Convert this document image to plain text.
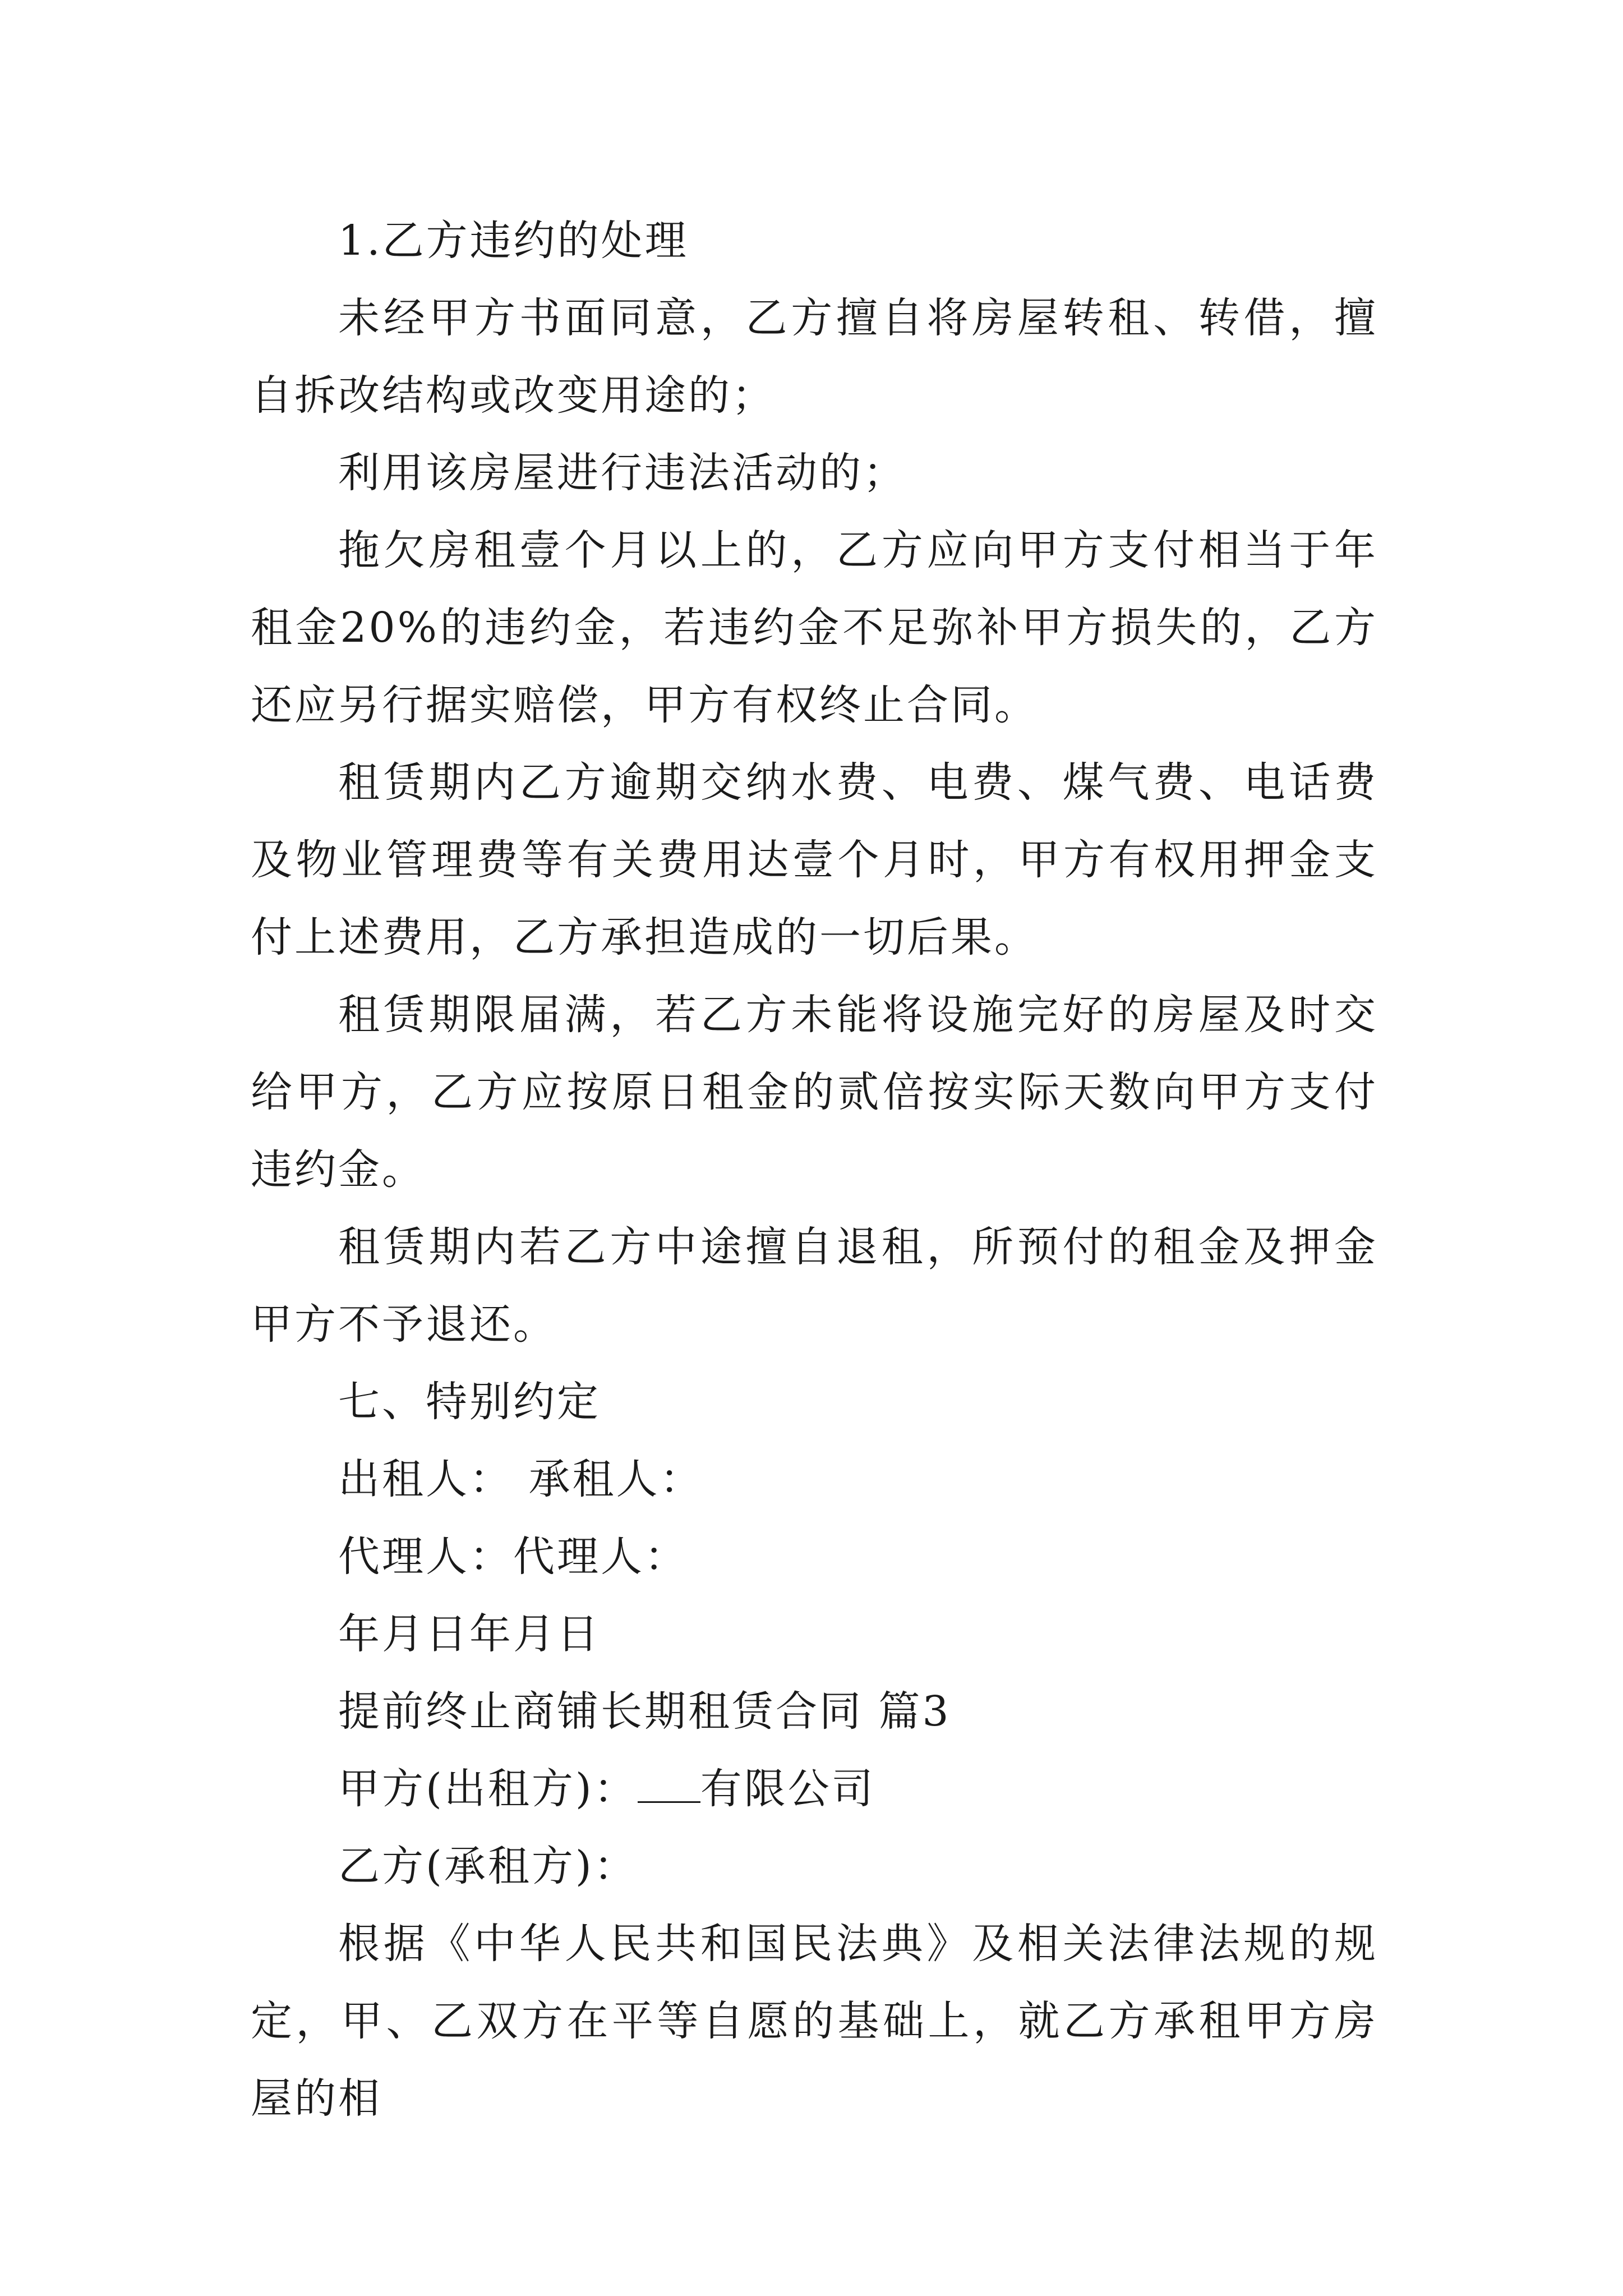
1.乙方违约的处理

未经甲方书面同意，乙方擅自将房屋转租、转借，擅自拆改结构或改变用途的；

利用该房屋进行违法活动的；

拖欠房租壹个月以上的，乙方应向甲方支付相当于年租金20%的违约金，若违约金不足弥补甲方损失的，乙方还应另行据实赔偿，甲方有权终止合同。

租赁期内乙方逾期交纳水费、电费、煤气费、电话费及物业管理费等有关费用达壹个月时，甲方有权用押金支付上述费用，乙方承担造成的一切后果。

租赁期限届满，若乙方未能将设施完好的房屋及时交给甲方，乙方应按原日租金的贰倍按实际天数向甲方支付违约金。

租赁期内若乙方中途擅自退租，所预付的租金及押金甲方不予退还。

七、特别约定

出租人： 承租人：

代理人：代理人：

年月日年月日

提前终止商铺长期租赁合同 篇3

甲方(出租方)： 有限公司

乙方(承租方)：

根据《中华人民共和国民法典》及相关法律法规的规定，甲、乙双方在平等自愿的基础上，就乙方承租甲方房屋的相
